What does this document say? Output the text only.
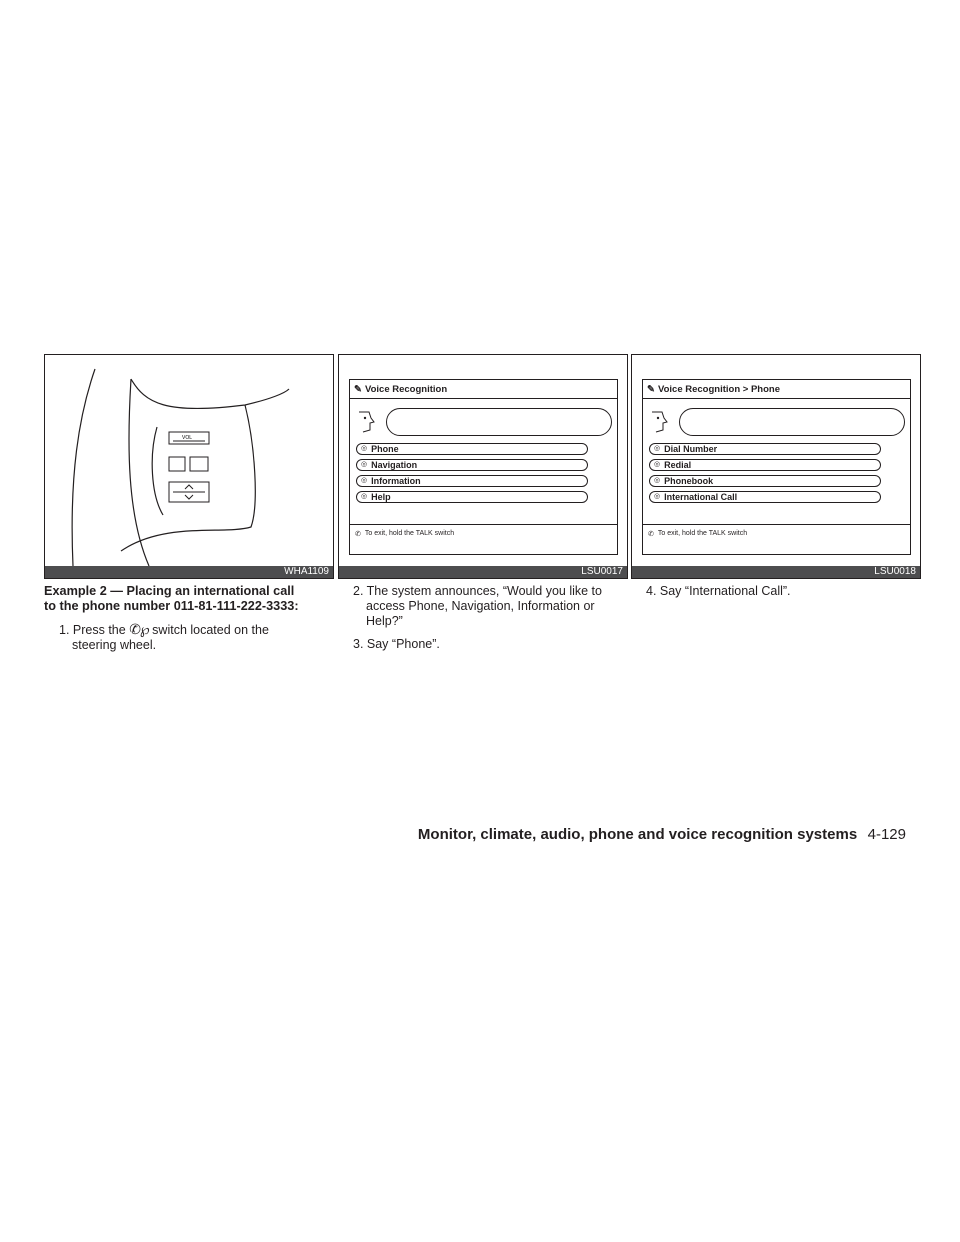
VOL
WHA1109
✎ Voice Recognition
◎ Phone
◎ Navigation
◎ Information
◎ Help
✆ To exit, hold the TALK switch
LSU0017
✎ Voice Recognition > Phone
◎ Dial Number
◎ Redial
◎ Phonebook
◎ International Call
✆ To exit, hold the TALK switch
LSU0018
Example 2 — Placing an international call to the phone number 011-81-111-222-3333:
1. Press the ✆℘ switch located on the steering wheel.
2. The system announces, “Would you like to access Phone, Navigation, Information or Help?”
3. Say “Phone”.
4. Say “International Call”.
Monitor, climate, audio, phone and voice recognition systems 4-129
